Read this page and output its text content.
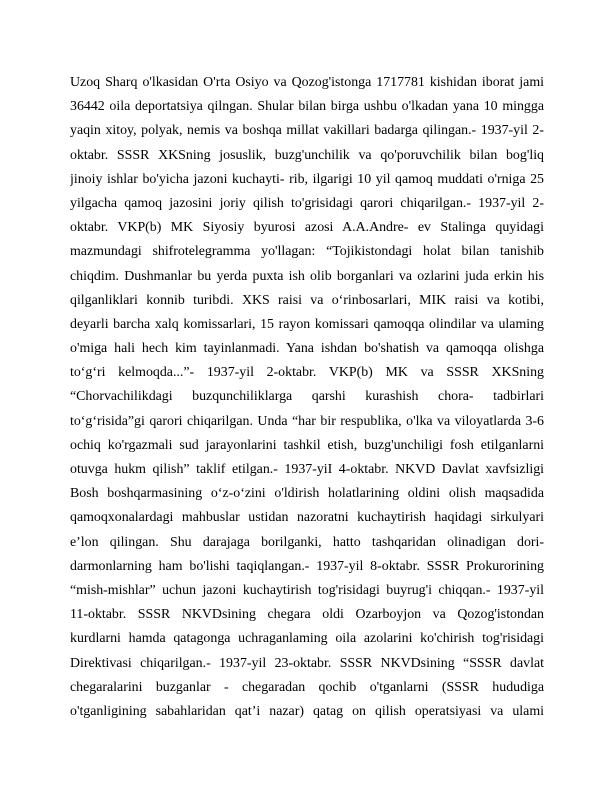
Uzoq Sharq o'lkasidan O'rta Osiyo va Qozog'istonga 1717781 kishidan iborat jami
36442 oila deportatsiya qilngan. Shular bilan birga ushbu o'lkadan yana 10 mingga
yaqin xitoy, polyak, nemis va boshqa millat vakillari badarga qilingan.- 1937-yil 2-
oktabr. SSSR XKSning josuslik, buzg'unchilik va qo'poruvchilik bilan bog'liq
jinoiy ishlar bo'yicha jazoni kuchayti- rib, ilgarigi 10 yil qamoq muddati o'rniga 25
yilgacha qamoq jazosini joriy qilish to'grisidagi qarori chiqarilgan.- 1937-yil 2-
oktabr. VKP(b) MK Siyosiy byurosi azosi A.A.Andre- ev Stalinga quyidagi
mazmundagi shifrotelegramma yo'llagan: “Tojikistondagi holat bilan tanishib
chiqdim. Dushmanlar bu yerda puxta ish olib borganlari va ozlarini juda erkin his
qilganliklari konnib turibdi. XKS raisi va o‘rinbosarlari, MIK raisi va kotibi,
deyarli barcha xalq komissarlari, 15 rayon komissari qamoqqa olindilar va ulaming
o'miga hali hech kim tayinlanmadi. Yana ishdan bo'shatish va qamoqqa olishga
to‘g‘ri kelmoqda...”- 1937-yil 2-oktabr. VKP(b) MK va SSSR XKSning
“Chorvachilikdagi buzqunchiliklarga qarshi kurashish chora- tadbirlari
to‘g‘risida”gi qarori chiqarilgan. Unda “har bir respublika, o'lka va viloyatlarda 3-6
ochiq ko'rgazmali sud jarayonlarini tashkil etish, buzg'unchiligi fosh etilganlarni
otuvga hukm qilish” taklif etilgan.- 1937-yiI 4-oktabr. NKVD Davlat xavfsizligi
Bosh boshqarmasining o‘z-o‘zini o'ldirish holatlarining oldini olish maqsadida
qamoqxonalardagi mahbuslar ustidan nazoratni kuchaytirish haqidagi sirkulyari
e’lon qilingan. Shu darajaga borilganki, hatto tashqaridan olinadigan dori-
darmonlarning ham bo'lishi taqiqlangan.- 1937-yil 8-oktabr. SSSR Prokurorining
“mish-mishlar” uchun jazoni kuchaytirish tog'risidagi buyrug'i chiqqan.- 1937-yil
11-oktabr. SSSR NKVDsining chegara oldi Ozarboyjon va Qozog'istondan
kurdlarni hamda qatagonga uchraganlaming oila azolarini ko'chirish tog'risidagi
Direktivasi chiqarilgan.- 1937-yil 23-oktabr. SSSR NKVDsining “SSSR davlat
chegaralarini buzganlar - chegaradan qochib o'tganlarni (SSSR hududiga
o'tganligining sabahlaridan qat’i nazar) qatag on qilish operatsiyasi va ulami
